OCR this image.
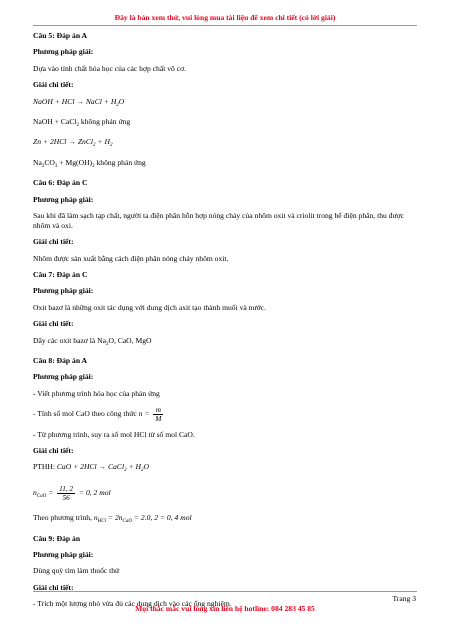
Đây là bản xem thử, vui lòng mua tài liệu để xem chi tiết (có lời giải)

Câu 5: Đáp án A

Phương pháp giải:

Dựa vào tính chất hóa học của các hợp chất vô cơ.

Giải chi tiết:

NaOH + HCl → NaCl + $H_2O$

NaOH + CaCl$_2$ không phản ứng

Zn + 2HCl → ZnCl$_2$ + $H_2$

$Na_2CO_3 + Mg(OH)_2$ không phản ứng

Câu 6: Đáp án C

Phương pháp giải:

Sau khi đã làm sạch tạp chất, người ta điện phân hỗn hợp nóng chảy của nhôm oxit và criolit trong bể điện phân, thu được nhôm và oxi.

Giải chi tiết:

Nhôm được sản xuất bằng cách điện phân nóng chảy nhôm oxit.

Câu 7: Đáp án C

Phương pháp giải:

Oxit bazơ là những oxit tác dụng với dung dịch axit tạo thành muối và nước.

Giải chi tiết:

Dãy các oxit bazơ là $Na_2O$, CaO, MgO

Câu 8: Đáp án A

Phương pháp giải:

- Viết phương trình hóa học của phản ứng

- Tính số mol CaO theo công thức $n = \frac{m}{M}$

- Từ phương trình, suy ra số mol HCl từ số mol CaO.

Giải chi tiết:

PTHH: CaO + 2HCl → CaCl$_2$ + $H_2O$

$n_{CaO} = \frac{11, 2}{56} = 0$, 2 mol

Theo phương trình, $n_{HCl} = 2n_{CaO} = 2.0$, 2 = 0, 4 mol

Câu 9: Đáp án

Phương pháp giải:

Dùng quỳ tím làm thuốc thử

Giải chi tiết:

- Trích một lượng nhỏ vừa đủ các dung dịch vào các ống nghiệm.

Trang 3
Mọi thắc mắc vui lòng xin liên hệ hotline: 084 283 45 85
